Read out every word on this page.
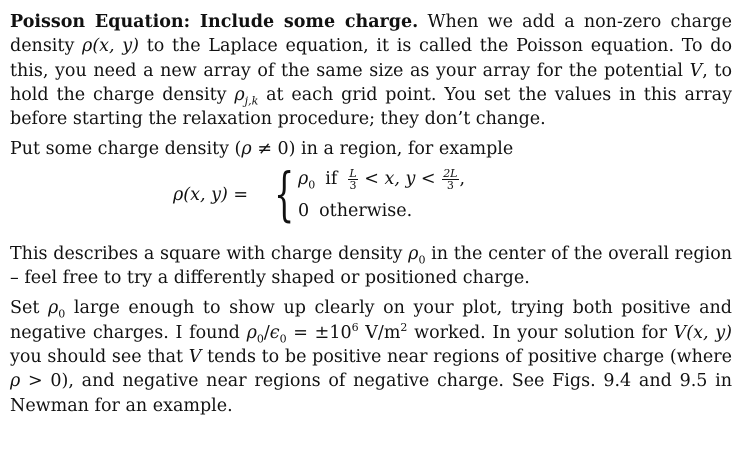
Poisson Equation: Include some charge. When we add a non-zero charge density ρ(x, y) to the Laplace equation, it is called the Poisson equation. To do this, you need a new array of the same size as your array for the potential V, to hold the charge density $\rho_{j,k}$ at each grid point. You set the values in this array before starting the relaxation procedure; they don’t change.

Put some charge density (ρ ≠ 0) in a region, for example

ρ(x, y) = { $\rho_0$ if $\frac{L}{3} < x$, $y < \frac{2L}{3}$ ,
0 otherwise.

This describes a square with charge density $\rho_0$ in the center of the overall region – feel free to try a differently shaped or positioned charge.

Set $\rho_0$ large enough to show up clearly on your plot, trying both positive and negative charges. I found $\rho_0/\epsilon_0 = \pm 10^6$ $V/m^2$ worked. In your solution for V(x, y) you should see that V tends to be positive near regions of positive charge (where ρ > 0), and negative near regions of negative charge. See Figs. 9.4 and 9.5 in Newman for an example.
